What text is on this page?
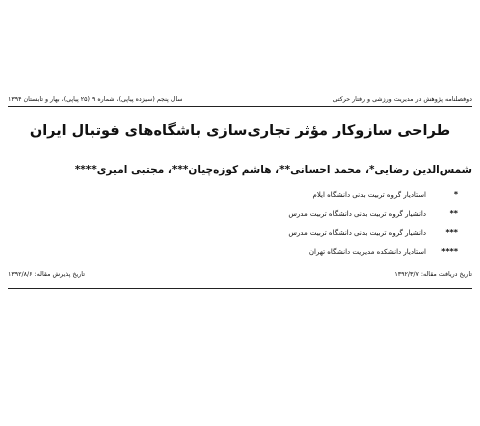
دوفصلنامه پژوهش در مدیریت ورزشی و رفتار حرکتی
سال پنجم (سیزده پیاپی)، شماره ۹ (۲۵ پیاپی)، بهار و تابستان ۱۳۹۴
طراحی سازوکار مؤثر تجاری‌سازی باشگاه‌های فوتبال ایران
شمس‌الدین رضایی*، محمد احسانی**، هاشم کوزه‌چیان***، مجتبی امیری****
*
استادیار گروه تربیت بدنی دانشگاه ایلام
**
دانشیار گروه تربیت بدنی دانشگاه تربیت مدرس
***
دانشیار گروه تربیت بدنی دانشگاه تربیت مدرس
****
استادیار دانشکده مدیریت دانشگاه تهران
تاریخ دریافت مقاله: ۱۳۹۲/۳/۷
تاریخ پذیرش مقاله: ۱۳۹۲/۸/۶
